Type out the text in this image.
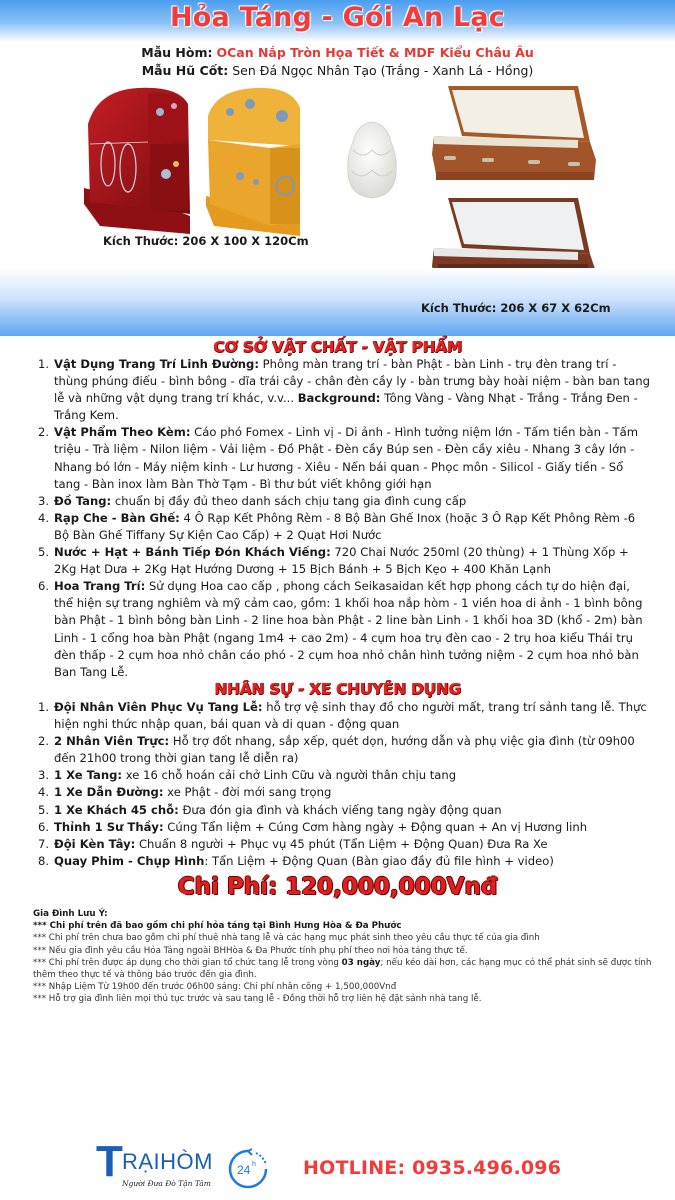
Hỏa Táng - Gói An Lạc
Mẫu Hòm: OCan Nắp Tròn Họa Tiết & MDF Kiểu Châu Âu
Mẫu Hũ Cốt: Sen Đá Ngọc Nhân Tạo (Trắng - Xanh Lá - Hồng)
Kích Thước: 206 X 100 X 120Cm
Kích Thước: 206 X 67 X 62Cm
CƠ SỞ VẬT CHẤT - VẬT PHẨM
1. Vật Dụng Trang Trí Linh Đường: Phông màn trang trí - bàn Phật - bàn Linh - trụ đèn trang trí - thùng phúng điếu - bình bông - dĩa trái cây - chân đèn cầy ly - bàn trưng bày hoài niệm - bàn ban tang lễ và những vật dụng trang trí khác, v.v... Background: Tông Vàng - Vàng Nhạt - Trắng - Trắng Đen - Trắng Kem.
2. Vật Phẩm Theo Kèm: Cáo phó Fomex - Linh vị - Di ảnh - Hình tưởng niệm lớn - Tấm tiền bàn - Tấm triệu - Trà liệm - Nilon liệm - Vải liệm - Đồ Phật - Đèn cầy Búp sen - Đèn cầy xiêu - Nhang 3 cây lớn - Nhang bó lớn - Máy niệm kinh - Lư hương - Xiêu - Nến bái quan - Phọc môn - Silicol - Giấy tiền - Sổ tang - Bàn inox làm Bàn Thờ Tạm - Bì thư bút viết không giới hạn
3. Đồ Tang: chuẩn bị đầy đủ theo danh sách chịu tang gia đình cung cấp
4. Rạp Che - Bàn Ghế: 4 Ô Rạp Kết Phông Rèm - 8 Bộ Bàn Ghế Inox (hoặc 3 Ô Rạp Kết Phông Rèm -6 Bộ Bàn Ghế Tiffany Sự Kiện Cao Cấp) + 2 Quạt Hơi Nước
5. Nước + Hạt + Bánh Tiếp Đón Khách Viếng: 720 Chai Nước 250ml (20 thùng) + 1 Thùng Xốp + 2Kg Hạt Dưa + 2Kg Hạt Hướng Dương + 15 Bịch Bánh + 5 Bịch Kẹo + 400 Khăn Lạnh
6. Hoa Trang Trí: Sử dụng Hoa cao cấp , phong cách Seikasaidan kết hợp phong cách tự do hiện đại, thể hiện sự trang nghiêm và mỹ cảm cao, gồm: 1 khối hoa nắp hòm - 1 viền hoa di ảnh - 1 bình bông bàn Phật - 1 bình bông bàn Linh - 2 line hoa bàn Phật - 2 line bàn Linh - 1 khối hoa 3D (khổ - 2m) bàn Linh - 1 cổng hoa bàn Phật (ngang 1m4 + cao 2m) - 4 cụm hoa trụ đèn cao - 2 trụ hoa kiểu Thái trụ đèn thấp - 2 cụm hoa nhỏ chân cáo phó - 2 cụm hoa nhỏ chân hình tưởng niệm - 2 cụm hoa nhỏ bàn Ban Tang Lễ.
NHÂN SỰ - XE CHUYÊN DỤNG
1. Đội Nhân Viên Phục Vụ Tang Lễ: hỗ trợ vệ sinh thay đồ cho người mất, trang trí sảnh tang lễ. Thực hiện nghi thức nhập quan, bái quan và di quan - động quan
2. 2 Nhân Viên Trực: Hỗ trợ đốt nhang, sắp xếp, quét dọn, hướng dẫn và phụ việc gia đình (từ 09h00 đến 21h00 trong thời gian tang lễ diễn ra)
3. 1 Xe Tang: xe 16 chỗ hoán cải chở Linh Cữu và người thân chịu tang
4. 1 Xe Dẫn Đường: xe Phật - đời mới sang trọng
5. 1 Xe Khách 45 chỗ: Đưa đón gia đình và khách viếng tang ngày động quan
6. Thỉnh 1 Sư Thầy: Cúng Tẩn liệm + Cúng Cơm hàng ngày + Động quan + An vị Hương linh
7. Đội Kèn Tây: Chuẩn 8 người + Phục vụ 45 phút (Tẩn Liệm + Động Quan) Đưa Ra Xe
8. Quay Phim - Chụp Hình: Tẩn Liệm + Động Quan (Bàn giao đầy đủ file hình + video)
Chi Phí: 120,000,000Vnđ
Gia Đình Lưu Ý:
*** Chi phí trên đã bao gồm chi phí hỏa táng tại Bình Hưng Hòa & Đa Phước
*** Chi phí trên chưa bao gồm chi phí thuê nhà tang lễ và các hạng mục phát sinh theo yêu cầu thực tế của gia đình
*** Nếu gia đình yêu cầu Hỏa Táng ngoài BHHòa & Đa Phước tính phụ phí theo nơi hỏa táng thực tế.
*** Chi phí trên được áp dụng cho thời gian tổ chức tang lễ trong vòng 03 ngày; nếu kéo dài hơn, các hạng mục có thể phát sinh sẽ được tính thêm theo thực tế và thông báo trước đến gia đình.
*** Nhập Liệm Từ 19h00 đến trước 06h00 sáng: Chi phí nhân công + 1,500,000Vnđ
*** Hỗ trợ gia đình liên mọi thủ tục trước và sau tang lễ - Đồng thời hỗ trợ liên hệ đặt sảnh nhà tang lễ.
T RẠIHÒM
Người Đưa Đò Tận Tâm
24 h HOTLINE: 0935.496.096
